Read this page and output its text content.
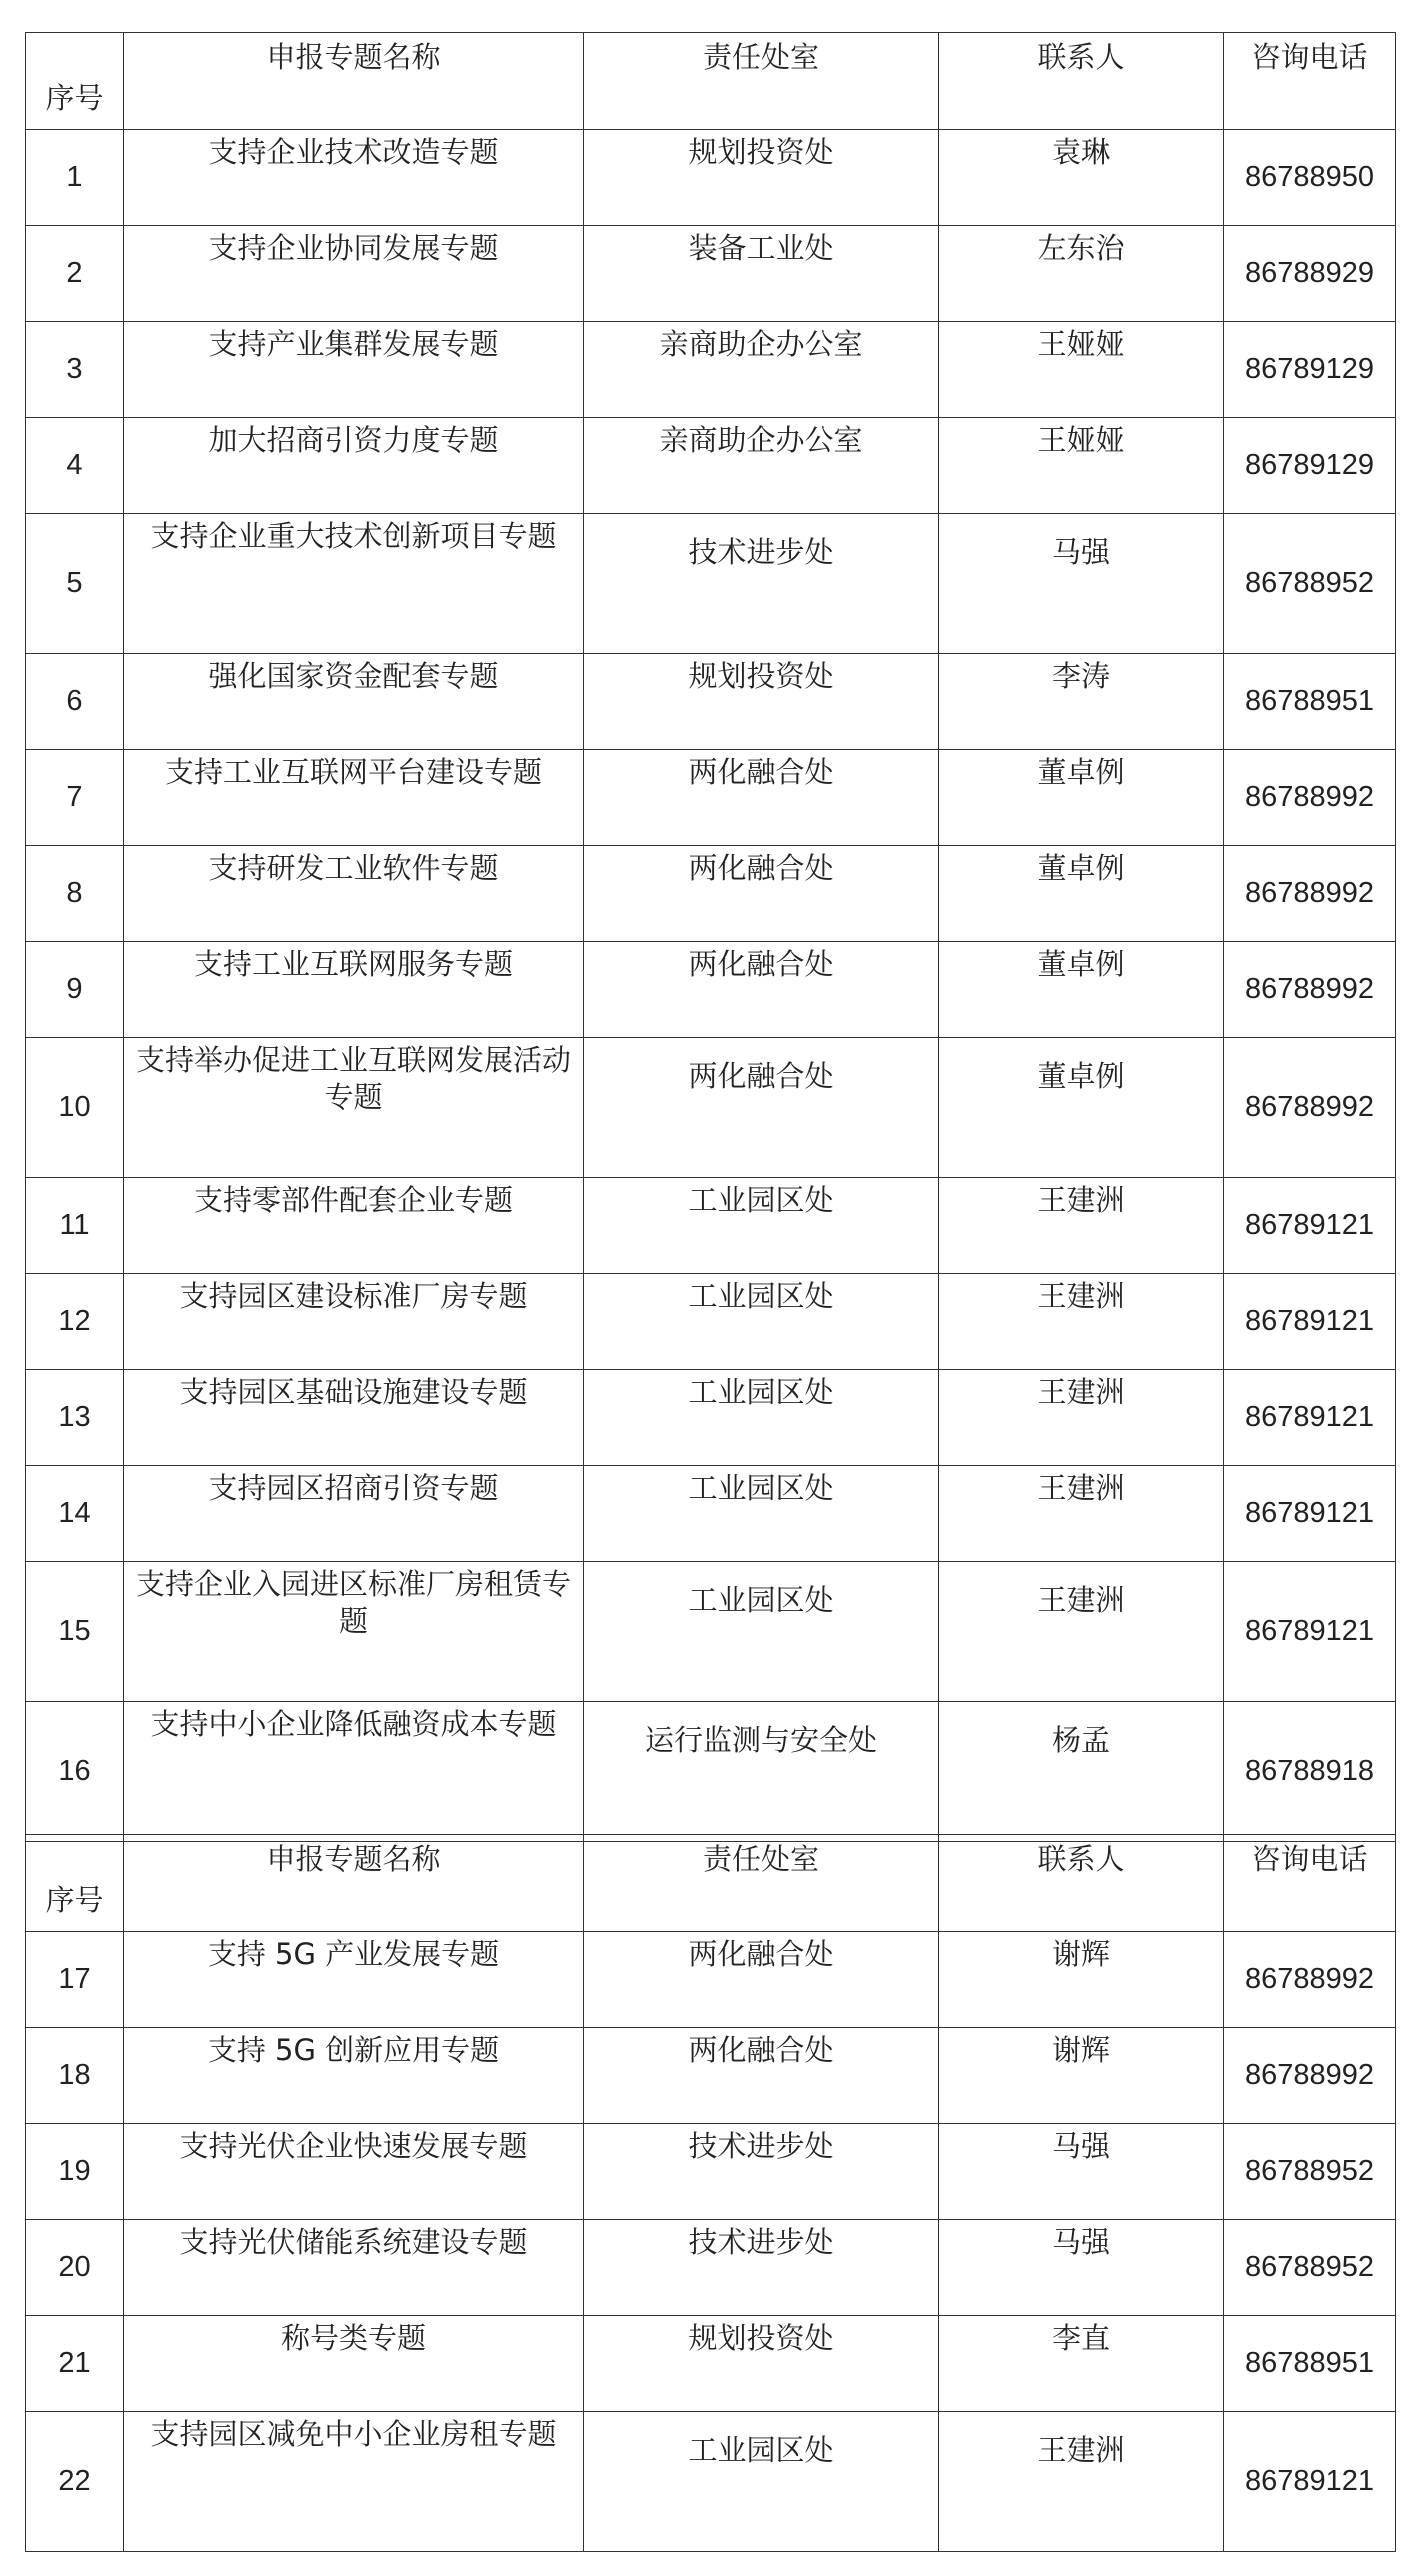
序号	申报专题名称	责任处室	联系人	咨询电话

1	支持企业技术改造专题	规划投资处	袁琳	86788950

2	支持企业协同发展专题	装备工业处	左东治	86788929

3	支持产业集群发展专题	亲商助企办公室	王娅娅	86789129

4	加大招商引资力度专题	亲商助企办公室	王娅娅	86789129

5	支持企业重大技术创新项目专题	技术进步处	马强	86788952

6	强化国家资金配套专题	规划投资处	李涛	86788951

7	支持工业互联网平台建设专题	两化融合处	董卓例	86788992

8	支持研发工业软件专题	两化融合处	董卓例	86788992

9	支持工业互联网服务专题	两化融合处	董卓例	86788992

10	支持举办促进工业互联网发展活动专题	两化融合处	董卓例	86788992

11	支持零部件配套企业专题	工业园区处	王建洲	86789121

12	支持园区建设标准厂房专题	工业园区处	王建洲	86789121

13	支持园区基础设施建设专题	工业园区处	王建洲	86789121

14	支持园区招商引资专题	工业园区处	王建洲	86789121

15	支持企业入园进区标准厂房租赁专题	工业园区处	王建洲	86789121

16	支持中小企业降低融资成本专题	运行监测与安全处	杨孟	86788918
序号	申报专题名称	责任处室	联系人	咨询电话

17	支持 5G 产业发展专题	两化融合处	谢辉	86788992

18	支持 5G 创新应用专题	两化融合处	谢辉	86788992

19	支持光伏企业快速发展专题	技术进步处	马强	86788952

20	支持光伏储能系统建设专题	技术进步处	马强	86788952

21	称号类专题	规划投资处	李直	86788951

22	支持园区减免中小企业房租专题	工业园区处	王建洲	86789121
